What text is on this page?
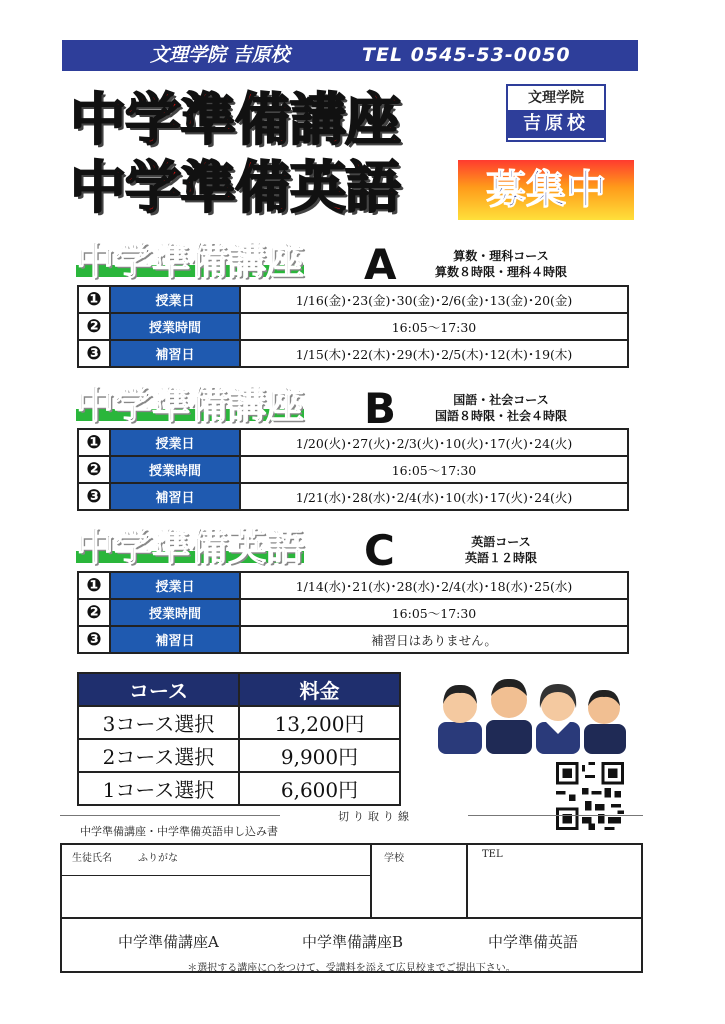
文理学院 吉原校	TEL 0545-53-0050
中学準備講座
中学準備英語
文理学院
吉原校
募集中
中学準備講座 A	算数・理科コース
算数８時限・理科４時限
❶	授業日	1/16(金)･23(金)･30(金)･2/6(金)･13(金)･20(金)
❷	授業時間	16:05～17:30
❸	補習日	1/15(木)･22(木)･29(木)･2/5(木)･12(木)･19(木)
中学準備講座 B	国語・社会コース
国語８時限・社会４時限
❶	授業日	1/20(火)･27(火)･2/3(火)･10(火)･17(火)･24(火)
❷	授業時間	16:05～17:30
❸	補習日	1/21(水)･28(水)･2/4(水)･10(水)･17(火)･24(火)
中学準備英語 C	英語コース
英語１２時限
❶	授業日	1/14(水)･21(水)･28(水)･2/4(水)･18(水)･25(水)
❷	授業時間	16:05～17:30
❸	補習日	補習日はありません。
コース	料金
3コース選択	13,200円
2コース選択	9,900円
1コース選択	6,600円
切り取り線
中学準備講座・中学準備英語申し込み書
生徒氏名	ふりがな	学校	TEL
中学準備講座A	中学準備講座B	中学準備英語
＊選択する講座に○をつけて、受講料を添えて広見校までご提出下さい。
